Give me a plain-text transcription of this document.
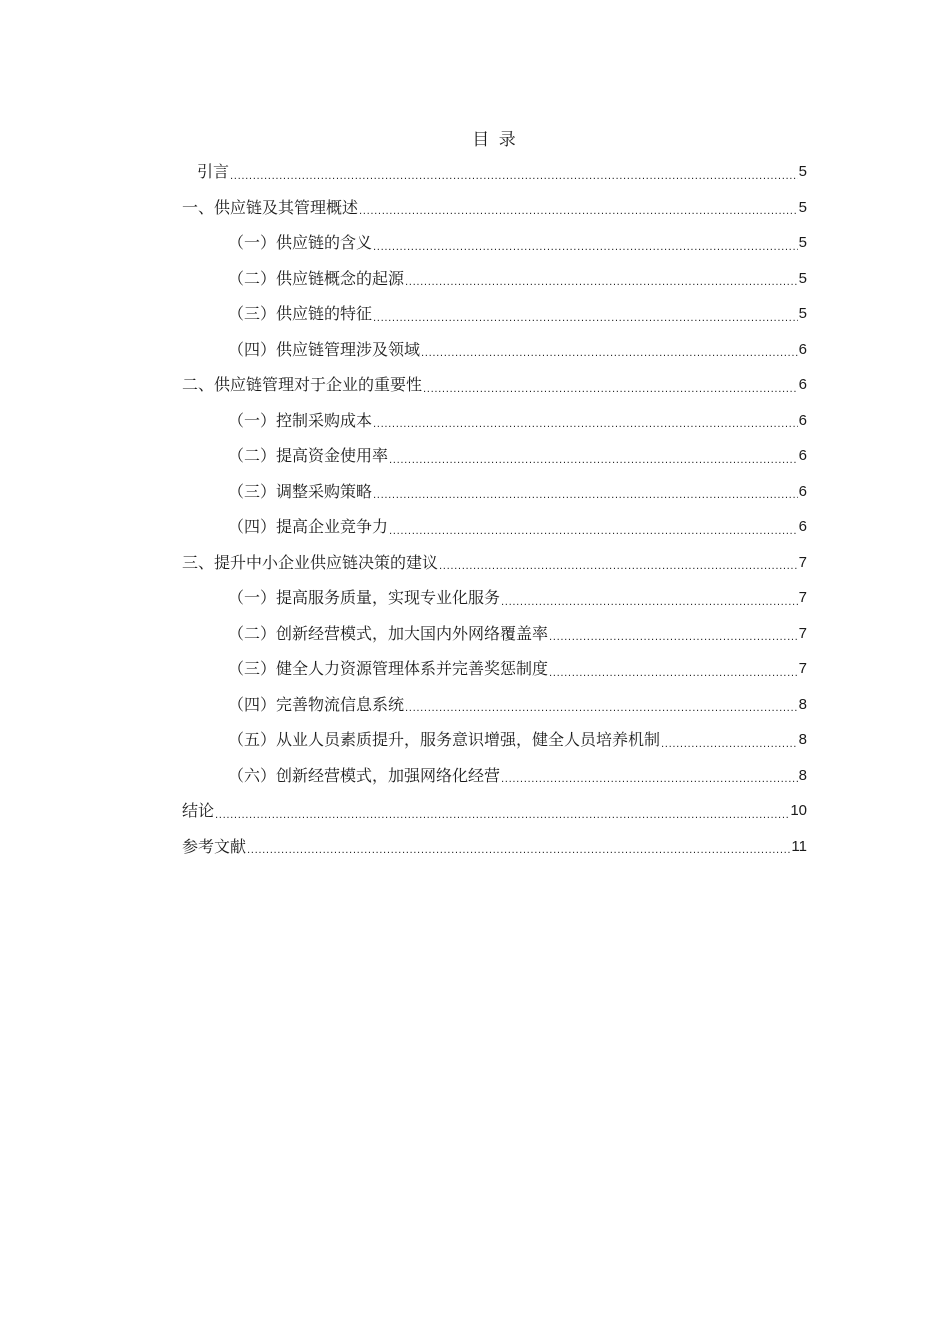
目 录
引言 .....	5
一、供应链及其管理概述 .....	5
（一）供应链的含义 .....	5
（二）供应链概念的起源 .....	5
（三）供应链的特征 .....	5
（四）供应链管理涉及领域 .....	6
二、供应链管理对于企业的重要性 .....	6
（一）控制采购成本 .....	6
（二）提高资金使用率 .....	6
（三）调整采购策略 .....	6
（四）提高企业竞争力 .....	6
三、提升中小企业供应链决策的建议 .....	7
（一）提高服务质量，实现专业化服务 .....	7
（二）创新经营模式，加大国内外网络覆盖率 .....	7
（三）健全人力资源管理体系并完善奖惩制度 .....	7
（四）完善物流信息系统 .....	8
（五）从业人员素质提升，服务意识增强，健全人员培养机制 .....	8
（六）创新经营模式，加强网络化经营 .....	8
结论 .....	10
参考文献 .....	11
